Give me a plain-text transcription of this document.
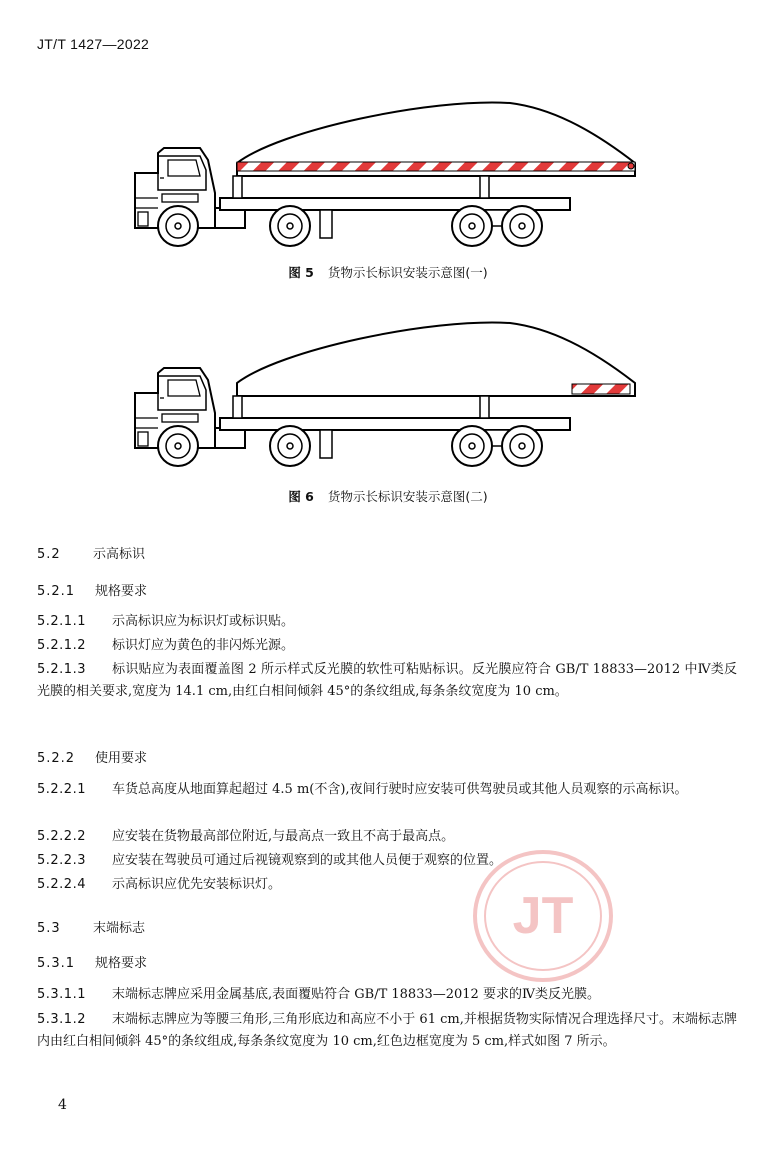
JT/T 1427—2022
图 5 货物示长标识安装示意图(一)
图 6 货物示长标识安装示意图(二)
5.2 示高标识
5.2.1 规格要求
5.2.1.1 示高标识应为标识灯或标识贴。
5.2.1.2 标识灯应为黄色的非闪烁光源。
5.2.1.3 标识贴应为表面覆盖图 2 所示样式反光膜的软性可粘贴标识。反光膜应符合 GB/T 18833—2012 中Ⅳ类反光膜的相关要求,宽度为 14.1 cm,由红白相间倾斜 45°的条纹组成,每条条纹宽度为 10 cm。
5.2.2 使用要求
5.2.2.1 车货总高度从地面算起超过 4.5 m(不含),夜间行驶时应安装可供驾驶员或其他人员观察的示高标识。
5.2.2.2 应安装在货物最高部位附近,与最高点一致且不高于最高点。
5.2.2.3 应安装在驾驶员可通过后视镜观察到的或其他人员便于观察的位置。
5.2.2.4 示高标识应优先安装标识灯。
5.3 末端标志
5.3.1 规格要求
5.3.1.1 末端标志牌应采用金属基底,表面覆贴符合 GB/T 18833—2012 要求的Ⅳ类反光膜。
5.3.1.2 末端标志牌应为等腰三角形,三角形底边和高应不小于 61 cm,并根据货物实际情况合理选择尺寸。末端标志牌内由红白相间倾斜 45°的条纹组成,每条条纹宽度为 10 cm,红色边框宽度为 5 cm,样式如图 7 所示。
4
JT
